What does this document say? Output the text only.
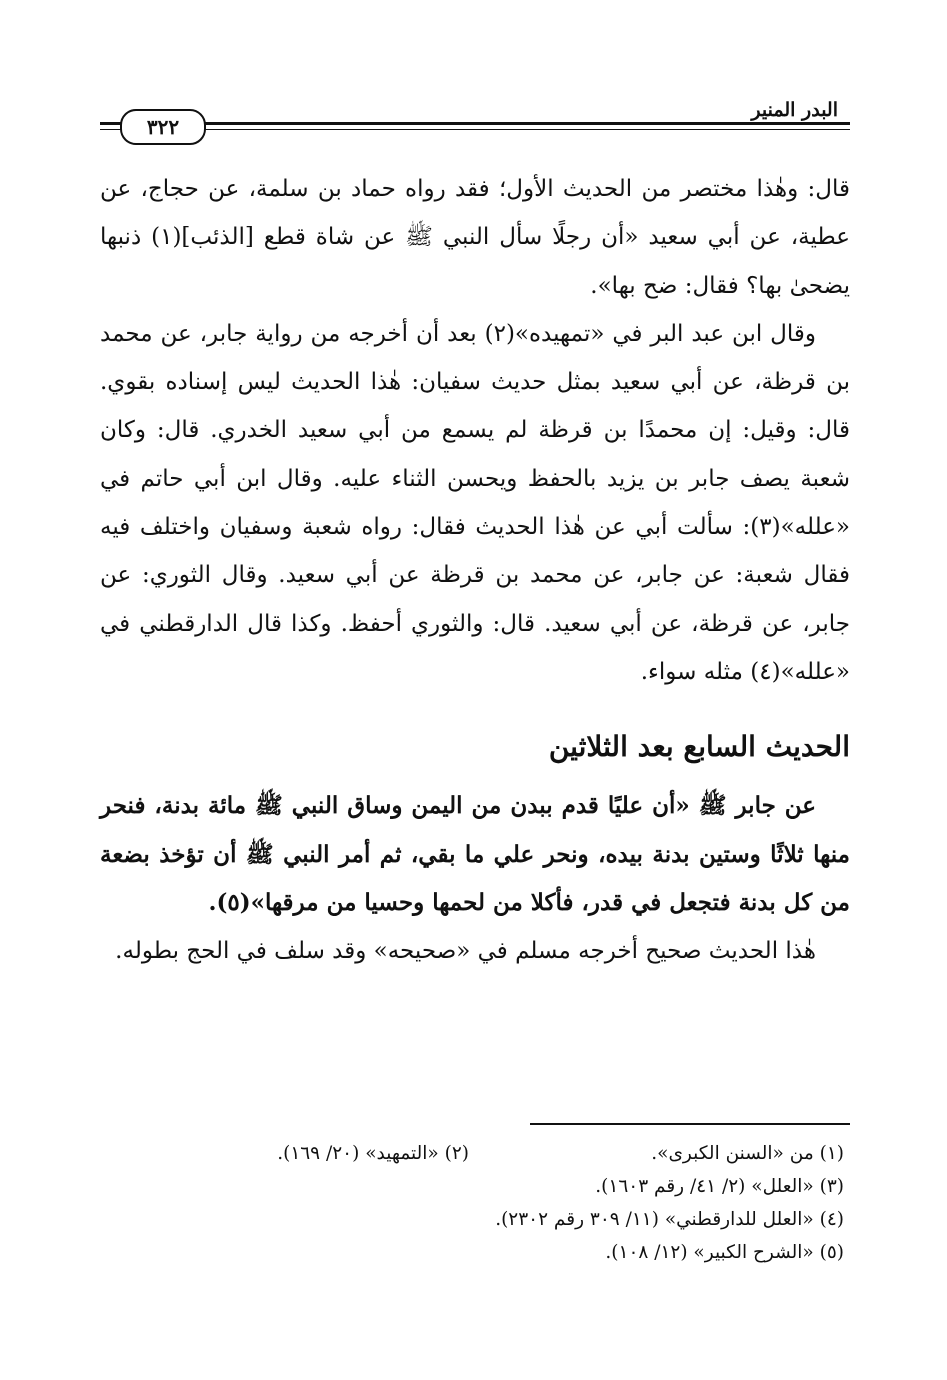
البدر المنير
٣٢٢

قال: وهٰذا مختصر من الحديث الأول؛ فقد رواه حماد بن سلمة، عن حجاج، عن عطية، عن أبي سعيد «أن رجلًا سأل النبي ﷺ عن شاة قطع [الذئب](١) ذنبها يضحىٰ بها؟ فقال: ضح بها».

وقال ابن عبد البر في «تمهيده»(٢) بعد أن أخرجه من رواية جابر، عن محمد بن قرظة، عن أبي سعيد بمثل حديث سفيان: هٰذا الحديث ليس إسناده بقوي. قال: وقيل: إن محمدًا بن قرظة لم يسمع من أبي سعيد الخدري. قال: وكان شعبة يصف جابر بن يزيد بالحفظ ويحسن الثناء عليه. وقال ابن أبي حاتم في «علله»(٣): سألت أبي عن هٰذا الحديث فقال: رواه شعبة وسفيان واختلف فيه فقال شعبة: عن جابر، عن محمد بن قرظة عن أبي سعيد. وقال الثوري: عن جابر، عن قرظة، عن أبي سعيد. قال: والثوري أحفظ. وكذا قال الدارقطني في «علله»(٤) مثله سواء.

الحديث السابع بعد الثلاثين

عن جابر ﷺ «أن عليًا قدم ببدن من اليمن وساق النبي ﷺ مائة بدنة، فنحر منها ثلاثًا وستين بدنة بيده، ونحر علي ما بقي، ثم أمر النبي ﷺ أن تؤخذ بضعة من كل بدنة فتجعل في قدر، فأكلا من لحمها وحسيا من مرقها»(٥).

هٰذا الحديث صحيح أخرجه مسلم في «صحيحه» وقد سلف في الحج بطوله.

(١) من «السنن الكبرى».
(٢) «التمهيد» (٢٠/ ١٦٩).
(٣) «العلل» (٢/ ٤١/ رقم ١٦٠٣).
(٤) «العلل للدارقطني» (١١/ ٣٠٩ رقم ٢٣٠٢).
(٥) «الشرح الكبير» (١٢/ ١٠٨).
